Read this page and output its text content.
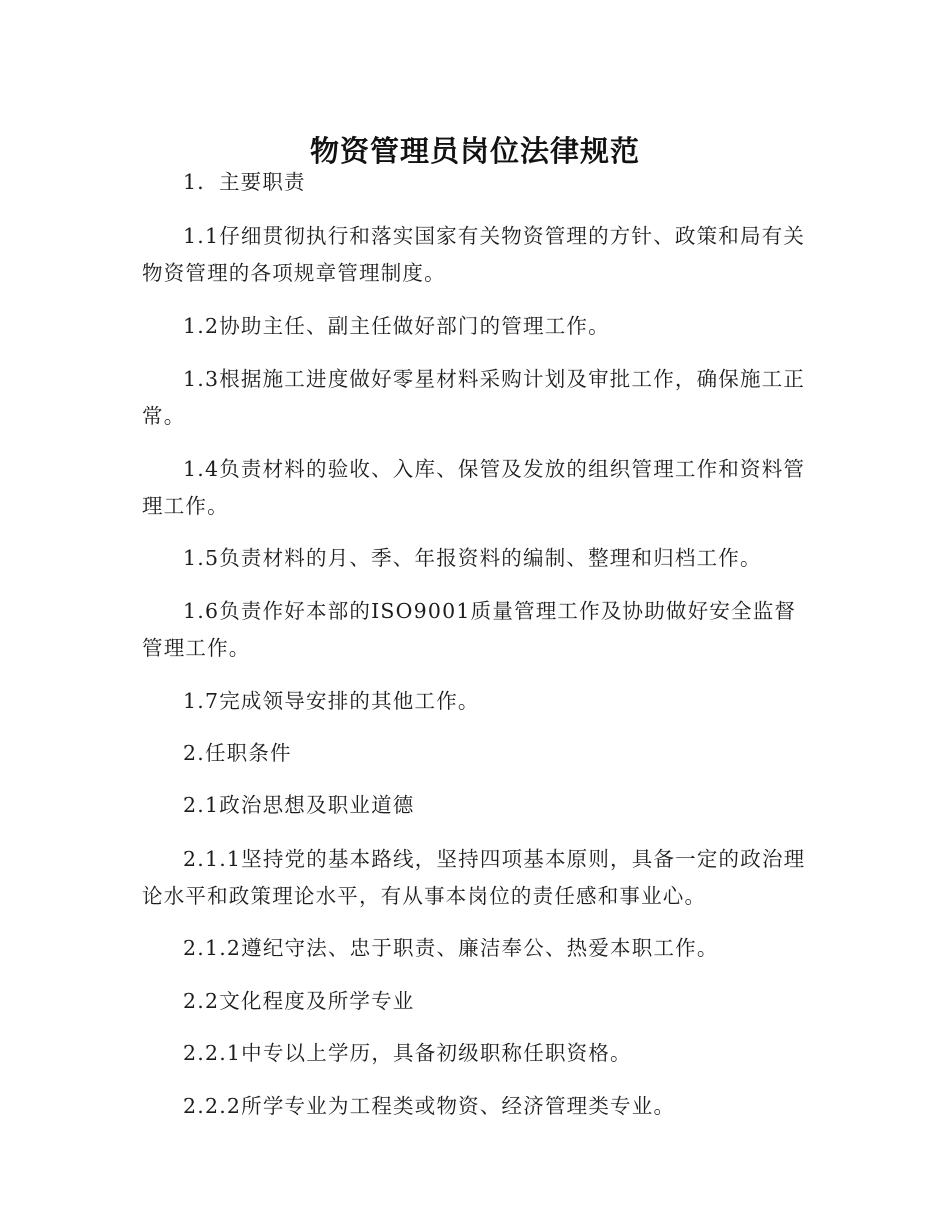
物资管理员岗位法律规范

1．主要职责

1.1仔细贯彻执行和落实国家有关物资管理的方针、政策和局有关物资管理的各项规章管理制度。

1.2协助主任、副主任做好部门的管理工作。

1.3根据施工进度做好零星材料采购计划及审批工作，确保施工正常。

1.4负责材料的验收、入库、保管及发放的组织管理工作和资料管理工作。

1.5负责材料的月、季、年报资料的编制、整理和归档工作。

1.6负责作好本部的ISO9001质量管理工作及协助做好安全监督管理工作。

1.7完成领导安排的其他工作。

2.任职条件

2.1政治思想及职业道德

2.1.1坚持党的基本路线，坚持四项基本原则，具备一定的政治理论水平和政策理论水平，有从事本岗位的责任感和事业心。

2.1.2遵纪守法、忠于职责、廉洁奉公、热爱本职工作。

2.2文化程度及所学专业

2.2.1中专以上学历，具备初级职称任职资格。

2.2.2所学专业为工程类或物资、经济管理类专业。
